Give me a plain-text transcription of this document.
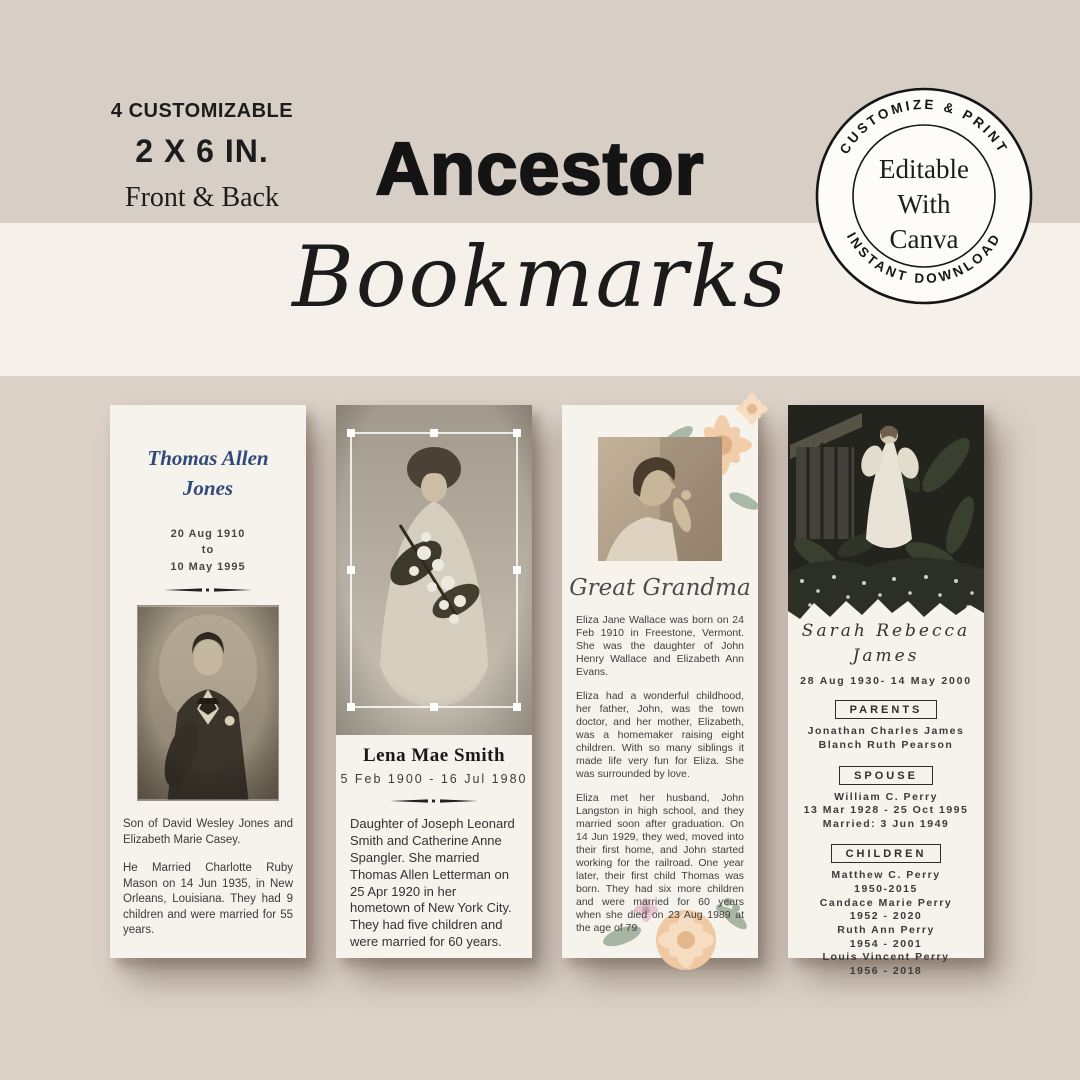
4 CUSTOMIZABLE
2 X 6 IN.
Front & Back	Ancestor
Bookmarks
CUSTOMIZE & PRINT
INSTANT DOWNLOAD
Editable
With
Canva
Thomas Allen
Jones
20 Aug 1910
to
10 May 1995

Son of David Wesley Jones and Elizabeth Marie Casey.

He Married Charlotte Ruby Mason on 14 Jun 1935, in New Orleans, Louisiana. They had 9 children and were married for 55 years.

Lena Mae Smith
5 Feb 1900 - 16 Jul 1980

Daughter of Joseph Leonard Smith and Catherine Anne Spangler. She married Thomas Allen Letterman on 25 Apr 1920 in her hometown of New York City. They had five children and were married for 60 years.

Great Grandma

Eliza Jane Wallace was born on 24 Feb 1910 in Freestone, Vermont. She was the daughter of John Henry Wallace and Elizabeth Ann Evans.

Eliza had a wonderful childhood, her father, John, was the town doctor, and her mother, Elizabeth, was a homemaker raising eight children. With so many siblings it made life very fun for Eliza. She was surrounded by love.

Eliza met her husband, John Langston in high school, and they married soon after graduation. On 14 Jun 1929, they wed, moved into their first home, and John started working for the railroad. One year later, their first child Thomas was born. They had six more children and were married for 60 years when she died on 23 Aug 1989 at the age of 79

Sarah Rebecca
James
28 Aug 1930- 14 May 2000
PARENTS
Jonathan Charles James
Blanch Ruth Pearson
SPOUSE
William C. Perry
13 Mar 1928 - 25 Oct 1995
Married: 3 Jun 1949
CHILDREN
Matthew C. Perry
1950-2015
Candace Marie Perry
1952 - 2020
Ruth Ann Perry
1954 - 2001
Louis Vincent Perry
1956 - 2018
